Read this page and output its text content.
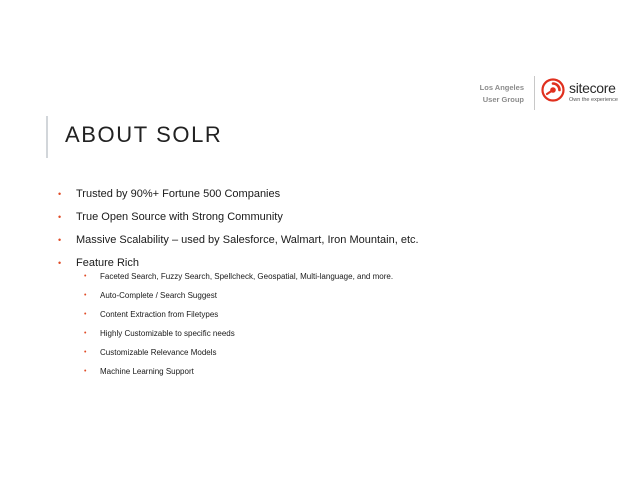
Los Angeles
User Group
sitecore
Own the experience
ABOUT SOLR
• Trusted by 90%+ Fortune 500 Companies
• True Open Source with Strong Community
• Massive Scalability – used by Salesforce, Walmart, Iron Mountain, etc.
• Feature Rich
• Faceted Search, Fuzzy Search, Spellcheck, Geospatial, Multi-language, and more.
• Auto-Complete / Search Suggest
• Content Extraction from Filetypes
• Highly Customizable to specific needs
• Customizable Relevance Models
• Machine Learning Support
